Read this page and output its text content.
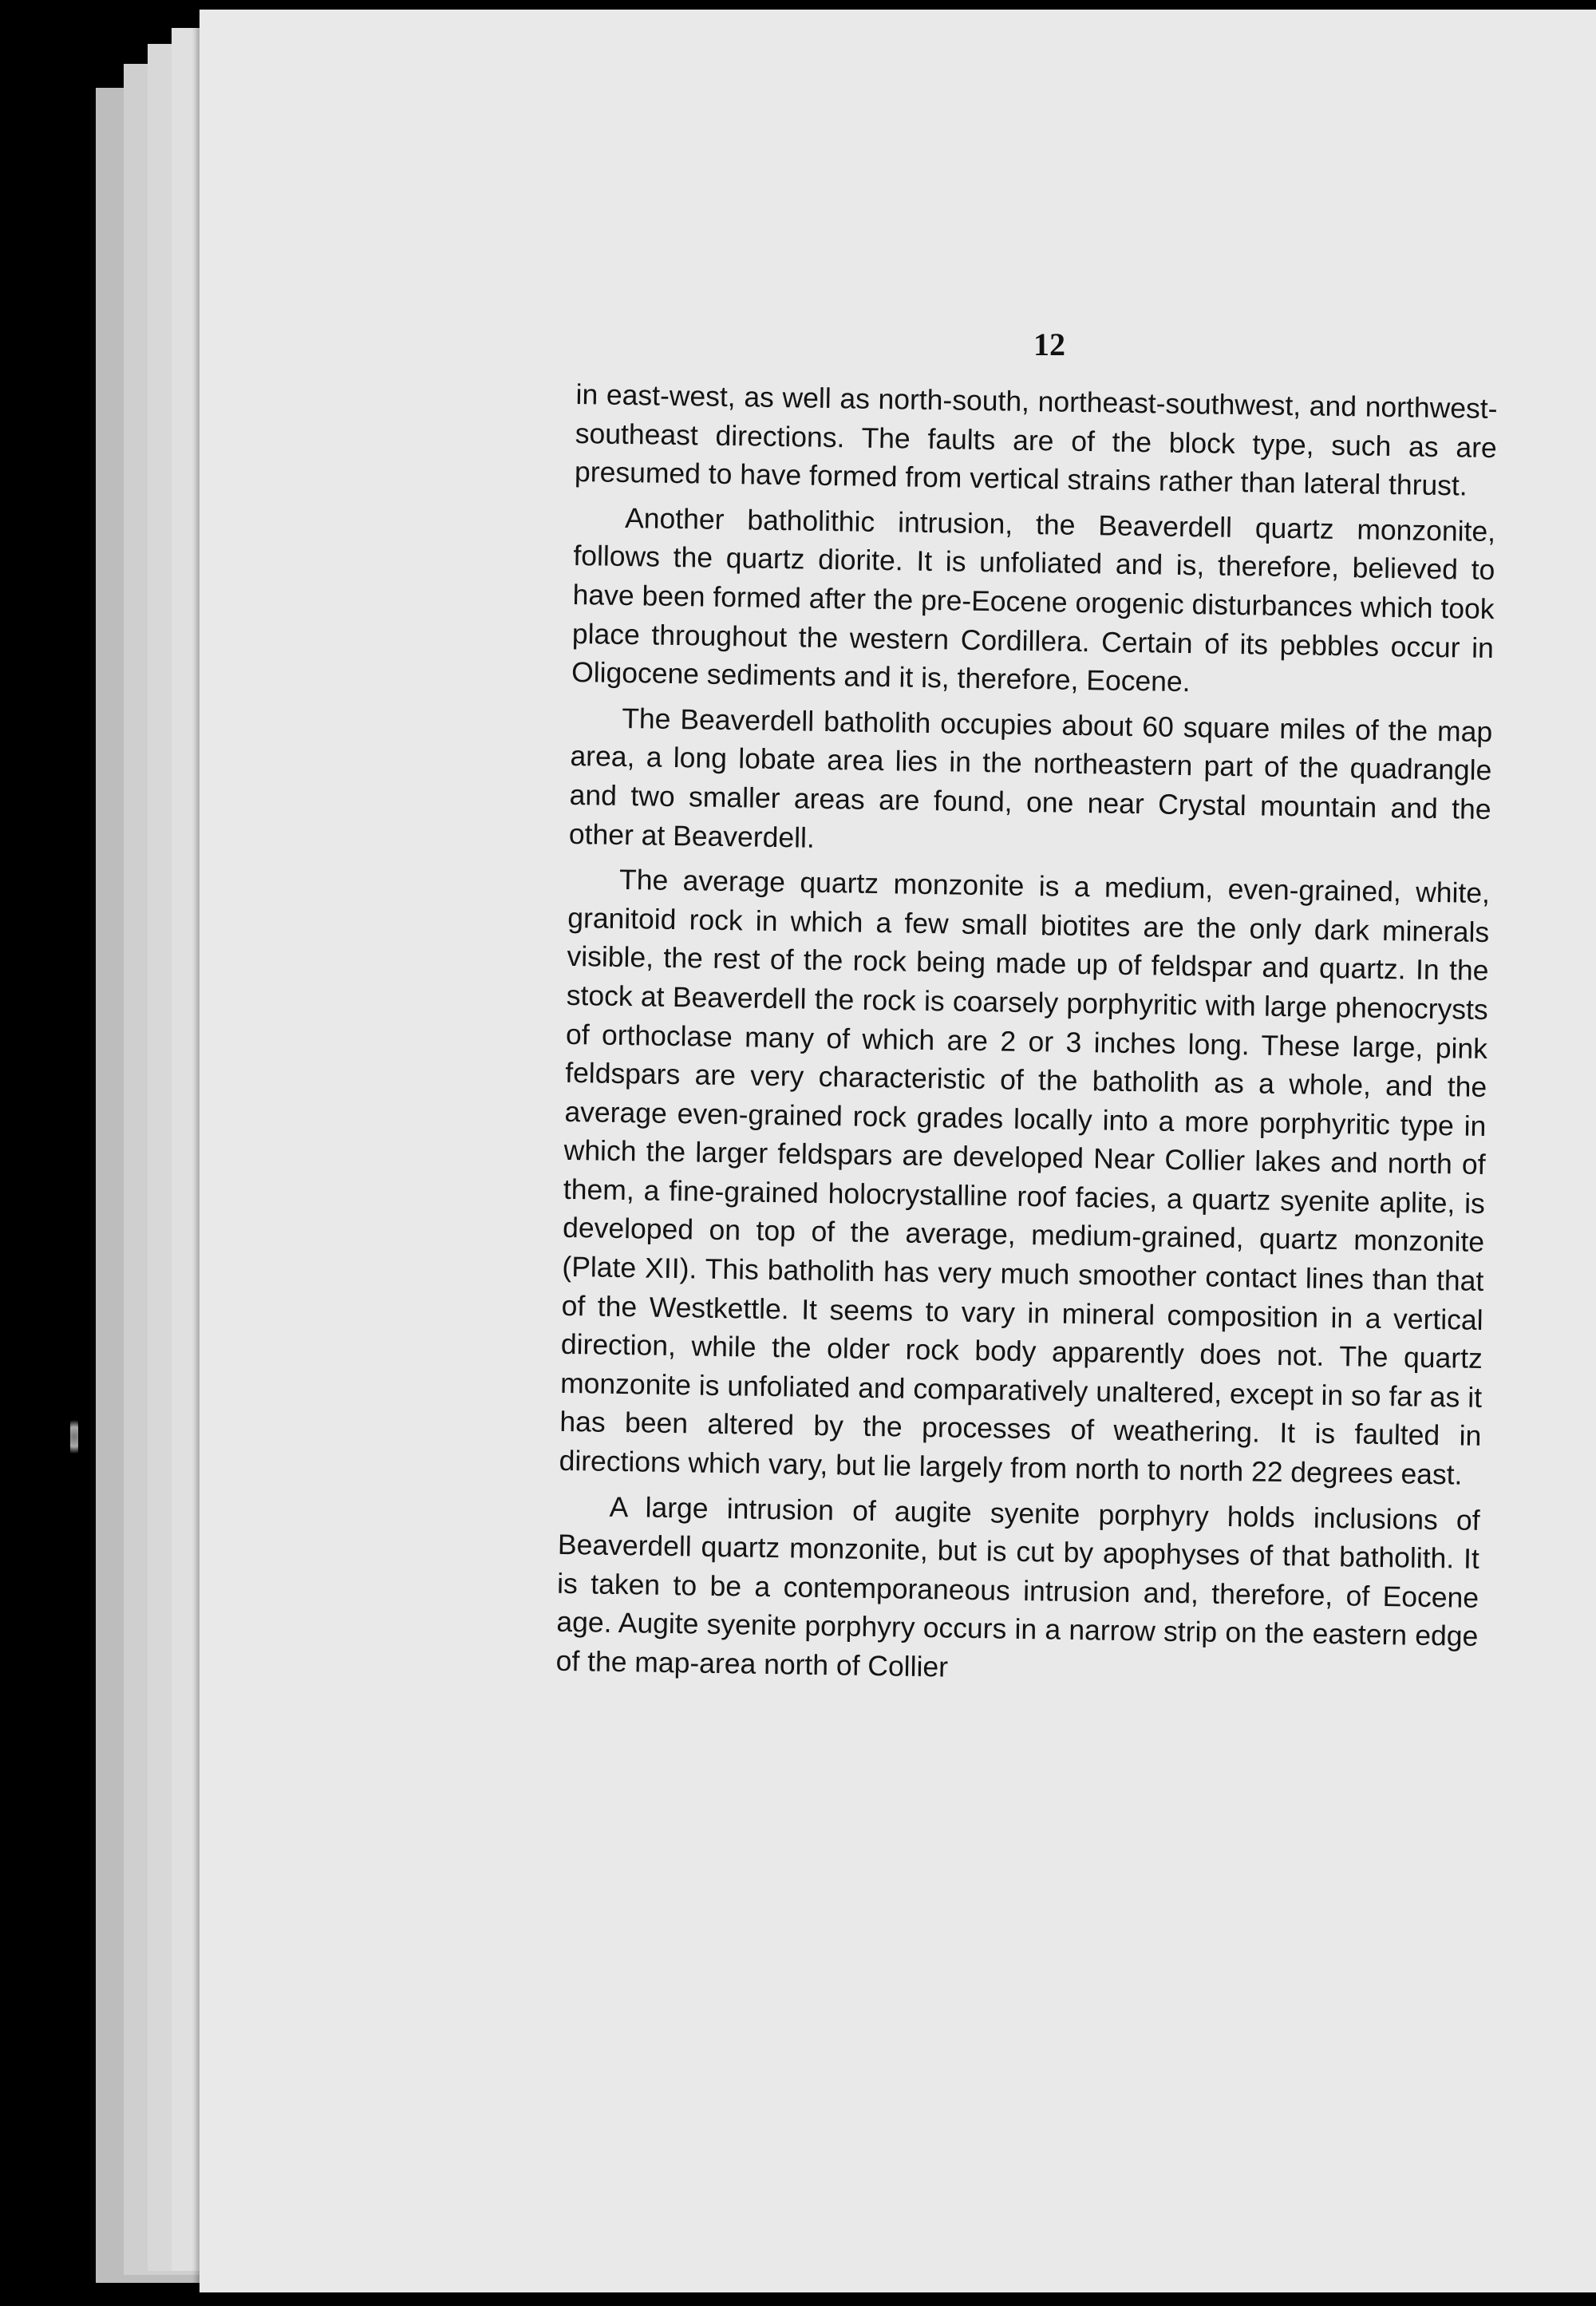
12

in east-west, as well as north-south, northeast-southwest, and northwest-southeast directions. The faults are of the block type, such as are presumed to have formed from vertical strains rather than lateral thrust.

Another batholithic intrusion, the Beaverdell quartz monzonite, follows the quartz diorite. It is unfoliated and is, therefore, believed to have been formed after the pre-Eocene orogenic disturbances which took place throughout the western Cordillera. Certain of its pebbles occur in Oligocene sediments and it is, therefore, Eocene.

The Beaverdell batholith occupies about 60 square miles of the map area, a long lobate area lies in the northeastern part of the quadrangle and two smaller areas are found, one near Crystal mountain and the other at Beaverdell.

The average quartz monzonite is a medium, even-grained, white, granitoid rock in which a few small biotites are the only dark minerals visible, the rest of the rock being made up of feldspar and quartz. In the stock at Beaverdell the rock is coarsely porphyritic with large phenocrysts of orthoclase many of which are 2 or 3 inches long. These large, pink feldspars are very characteristic of the batholith as a whole, and the average even-grained rock grades locally into a more porphyritic type in which the larger feldspars are developed Near Collier lakes and north of them, a fine-grained holocrystalline roof facies, a quartz syenite aplite, is developed on top of the average, medium-grained, quartz monzonite (Plate XII). This batholith has very much smoother contact lines than that of the Westkettle. It seems to vary in mineral composition in a vertical direction, while the older rock body apparently does not. The quartz monzonite is unfoliated and comparatively unaltered, except in so far as it has been altered by the processes of weathering. It is faulted in directions which vary, but lie largely from north to north 22 degrees east.

A large intrusion of augite syenite porphyry holds inclusions of Beaverdell quartz monzonite, but is cut by apophyses of that batholith. It is taken to be a contemporaneous intrusion and, therefore, of Eocene age. Augite syenite porphyry occurs in a narrow strip on the eastern edge of the map-area north of Collier
